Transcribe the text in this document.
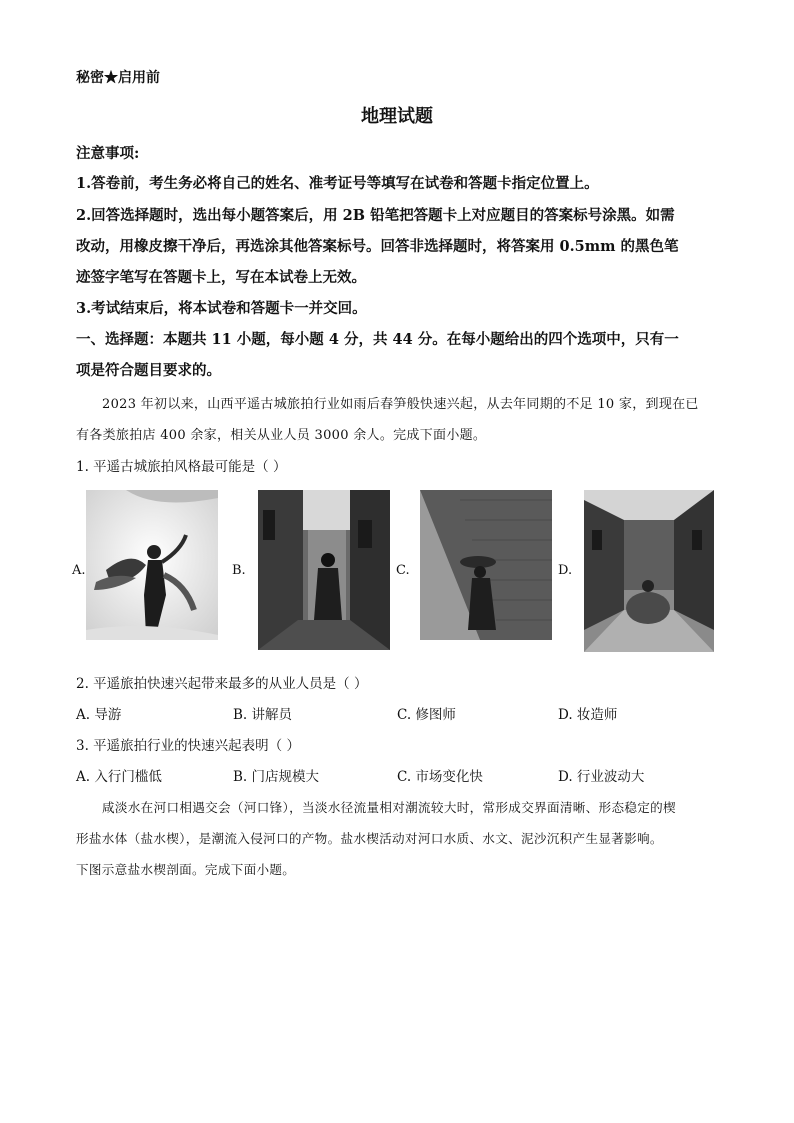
秘密★启用前
地理试题
注意事项:
1.答卷前，考生务必将自己的姓名、准考证号等填写在试卷和答题卡指定位置上。
2.回答选择题时，选出每小题答案后，用 2B 铅笔把答题卡上对应题目的答案标号涂黑。如需
改动，用橡皮擦干净后，再选涂其他答案标号。回答非选择题时，将答案用 0.5mm 的黑色笔
迹签字笔写在答题卡上，写在本试卷上无效。
3.考试结束后，将本试卷和答题卡一并交回。
一、选择题：本题共 11 小题，每小题 4 分，共 44 分。在每小题给出的四个选项中，只有一
项是符合题目要求的。
2023 年初以来，山西平遥古城旅拍行业如雨后春笋般快速兴起，从去年同期的不足 10 家，到现在已
有各类旅拍店 400 余家，相关从业人员 3000 余人。完成下面小题。
1. 平遥古城旅拍风格最可能是（ ）
A.	B.	C.	D.
2. 平遥旅拍快速兴起带来最多的从业人员是（ ）
A. 导游	B. 讲解员	C. 修图师	D. 妆造师
3. 平遥旅拍行业的快速兴起表明（ ）
A. 入行门槛低	B. 门店规模大	C. 市场变化快	D. 行业波动大
咸淡水在河口相遇交会（河口锋），当淡水径流量相对潮流较大时，常形成交界面清晰、形态稳定的楔
形盐水体（盐水楔），是潮流入侵河口的产物。盐水楔活动对河口水质、水文、泥沙沉积产生显著影响。
下图示意盐水楔剖面。完成下面小题。
